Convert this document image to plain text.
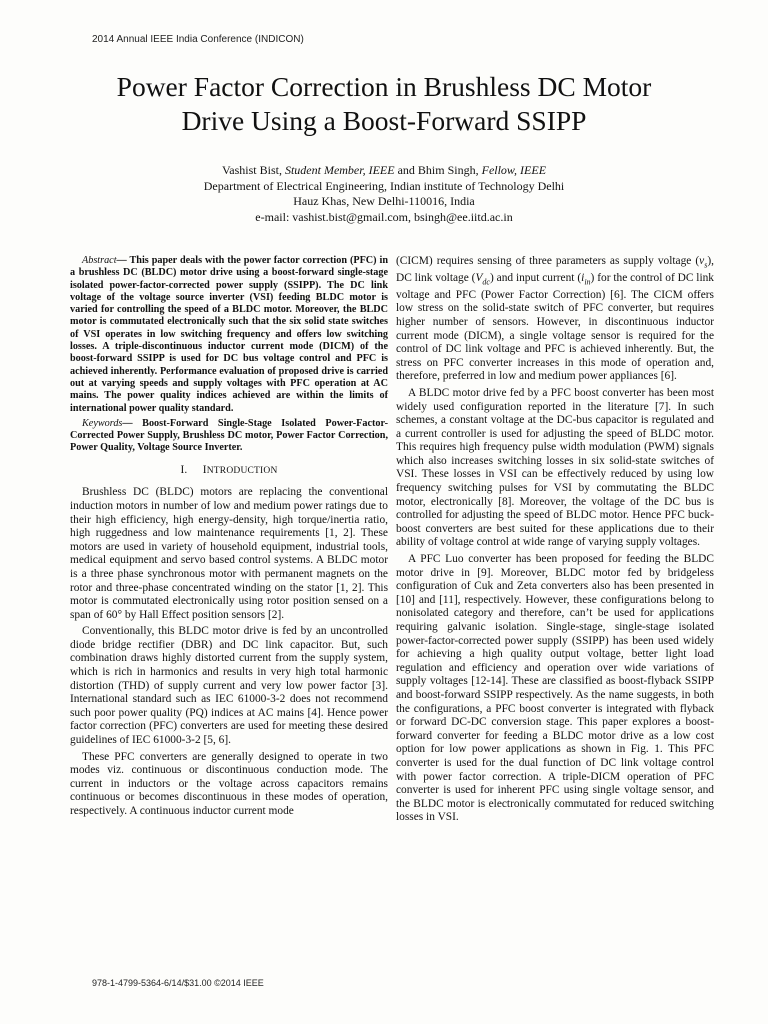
2014 Annual IEEE India Conference (INDICON)
Power Factor Correction in Brushless DC Motor
Drive Using a Boost-Forward SSIPP
Vashist Bist, Student Member, IEEE and Bhim Singh, Fellow, IEEE
Department of Electrical Engineering, Indian institute of Technology Delhi
Hauz Khas, New Delhi-110016, India
e-mail: vashist.bist@gmail.com, bsingh@ee.iitd.ac.in

Abstract— This paper deals with the power factor correction (PFC) in a brushless DC (BLDC) motor drive using a boost-forward single-stage isolated power-factor-corrected power supply (SSIPP). The DC link voltage of the voltage source inverter (VSI) feeding BLDC motor is varied for controlling the speed of a BLDC motor. Moreover, the BLDC motor is commutated electronically such that the six solid state switches of VSI operates in low switching frequency and offers low switching losses. A triple-discontinuous inductor current mode (DICM) of the boost-forward SSIPP is used for DC bus voltage control and PFC is achieved inherently. Performance evaluation of proposed drive is carried out at varying speeds and supply voltages with PFC operation at AC mains. The power quality indices achieved are within the limits of international power quality standard.

Keywords— Boost-Forward Single-Stage Isolated Power-Factor-Corrected Power Supply, Brushless DC motor, Power Factor Correction, Power Quality, Voltage Source Inverter.

I. INTRODUCTION

Brushless DC (BLDC) motors are replacing the conventional induction motors in number of low and medium power ratings due to their high efficiency, high energy-density, high torque/inertia ratio, high ruggedness and low maintenance requirements [1, 2]. These motors are used in variety of household equipment, industrial tools, medical equipment and servo based control systems. A BLDC motor is a three phase synchronous motor with permanent magnets on the rotor and three-phase concentrated winding on the stator [1, 2]. This motor is commutated electronically using rotor position sensed on a span of 60° by Hall Effect position sensors [2].

Conventionally, this BLDC motor drive is fed by an uncontrolled diode bridge rectifier (DBR) and DC link capacitor. But, such combination draws highly distorted current from the supply system, which is rich in harmonics and results in very high total harmonic distortion (THD) of supply current and very low power factor [3]. International standard such as IEC 61000-3-2 does not recommend such poor power quality (PQ) indices at AC mains [4]. Hence power factor correction (PFC) converters are used for meeting these desired guidelines of IEC 61000-3-2 [5, 6].

These PFC converters are generally designed to operate in two modes viz. continuous or discontinuous conduction mode. The current in inductors or the voltage across capacitors remains continuous or becomes discontinuous in these modes of operation, respectively. A continuous inductor current mode

(CICM) requires sensing of three parameters as supply voltage $(v_s)$, DC link voltage $(V_{dc})$ and input current $(i_{in})$ for the control of DC link voltage and PFC (Power Factor Correction) [6]. The CICM offers low stress on the solid-state switch of PFC converter, but requires higher number of sensors. However, in discontinuous inductor current mode (DICM), a single voltage sensor is required for the control of DC link voltage and PFC is achieved inherently. But, the stress on PFC converter increases in this mode of operation and, therefore, preferred in low and medium power appliances [6].

A BLDC motor drive fed by a PFC boost converter has been most widely used configuration reported in the literature [7]. In such schemes, a constant voltage at the DC-bus capacitor is regulated and a current controller is used for adjusting the speed of BLDC motor. This requires high frequency pulse width modulation (PWM) signals which also increases switching losses in six solid-state switches of VSI. These losses in VSI can be effectively reduced by using low frequency switching pulses for VSI by commutating the BLDC motor, electronically [8]. Moreover, the voltage of the DC bus is controlled for adjusting the speed of BLDC motor. Hence PFC buck-boost converters are best suited for these applications due to their ability of voltage control at wide range of varying supply voltages.

A PFC Luo converter has been proposed for feeding the BLDC motor drive in [9]. Moreover, BLDC motor fed by bridgeless configuration of Cuk and Zeta converters also has been presented in [10] and [11], respectively. However, these configurations belong to nonisolated category and therefore, can’t be used for applications requiring galvanic isolation. Single-stage, single-stage isolated power-factor-corrected power supply (SSIPP) has been used widely for achieving a high quality output voltage, better light load regulation and efficiency and operation over wide variations of supply voltages [12-14]. These are classified as boost-flyback SSIPP and boost-forward SSIPP respectively. As the name suggests, in both the configurations, a PFC boost converter is integrated with flyback or forward DC-DC conversion stage. This paper explores a boost-forward converter for feeding a BLDC motor drive as a low cost option for low power applications as shown in Fig. 1. This PFC converter is used for the dual function of DC link voltage control with power factor correction. A triple-DICM operation of PFC converter is used for inherent PFC using single voltage sensor, and the BLDC motor is electronically commutated for reduced switching losses in VSI.

978-1-4799-5364-6/14/$31.00 ©2014 IEEE
